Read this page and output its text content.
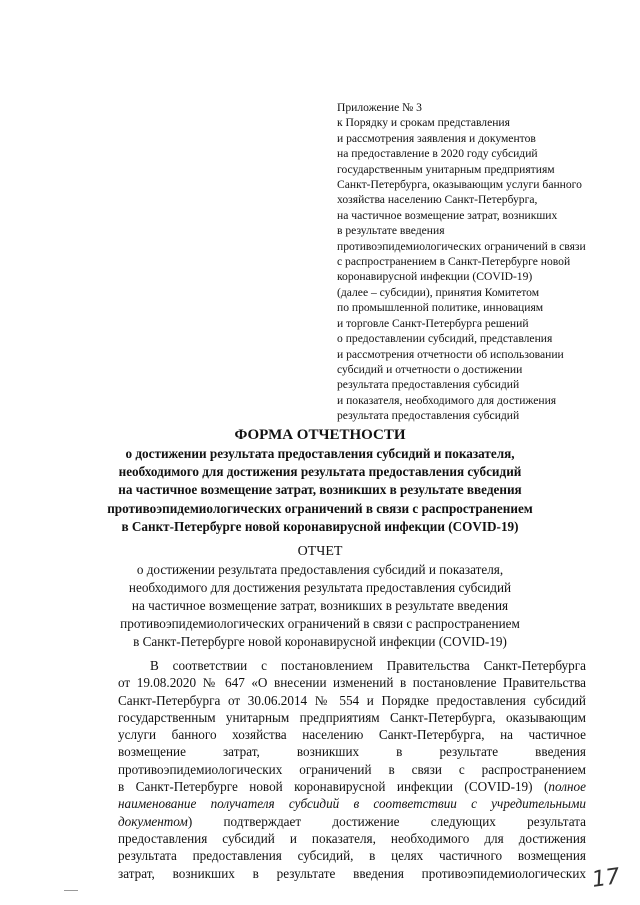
Приложение № 3
к Порядку и срокам представления
и рассмотрения заявления и документов
на предоставление в 2020 году субсидий
государственным унитарным предприятиям
Санкт-Петербурга, оказывающим услуги банного
хозяйства населению Санкт-Петербурга,
на частичное возмещение затрат, возникших
в результате введения
противоэпидемиологических ограничений в связи
с распространением в Санкт-Петербурге новой
коронавирусной инфекции (COVID-19)
(далее – субсидии), принятия Комитетом
по промышленной политике, инновациям
и торговле Санкт-Петербурга решений
о предоставлении субсидий, представления
и рассмотрения отчетности об использовании
субсидий и отчетности о достижении
результата предоставления субсидий
и показателя, необходимого для достижения
результата предоставления субсидий
ФОРМА ОТЧЕТНОСТИ
о достижении результата предоставления субсидий и показателя,
необходимого для достижения результата предоставления субсидий
на частичное возмещение затрат, возникших в результате введения
противоэпидемиологических ограничений в связи с распространением
в Санкт-Петербурге новой коронавирусной инфекции (COVID-19)
ОТЧЕТ
о достижении результата предоставления субсидий и показателя,
необходимого для достижения результата предоставления субсидий
на частичное возмещение затрат, возникших в результате введения
противоэпидемиологических ограничений в связи с распространением
в Санкт-Петербурге новой коронавирусной инфекции (COVID-19)
В соответствии с постановлением Правительства Санкт-Петербурга
от 19.08.2020 № 647 «О внесении изменений в постановление Правительства
Санкт-Петербурга от 30.06.2014 № 554 и Порядке предоставления субсидий
государственным унитарным предприятиям Санкт-Петербурга, оказывающим
услуги банного хозяйства населению Санкт-Петербурга, на частичное
возмещение затрат, возникших в результате введения
противоэпидемиологических ограничений в связи с распространением
в Санкт-Петербурге новой коронавирусной инфекции (COVID-19) (полное
наименование получателя субсидий в соответствии с учредительными
документом) подтверждает достижение следующих результата
предоставления субсидий и показателя, необходимого для достижения
результата предоставления субсидий, в целях частичного возмещения
затрат, возникших в результате введения противоэпидемиологических 17
